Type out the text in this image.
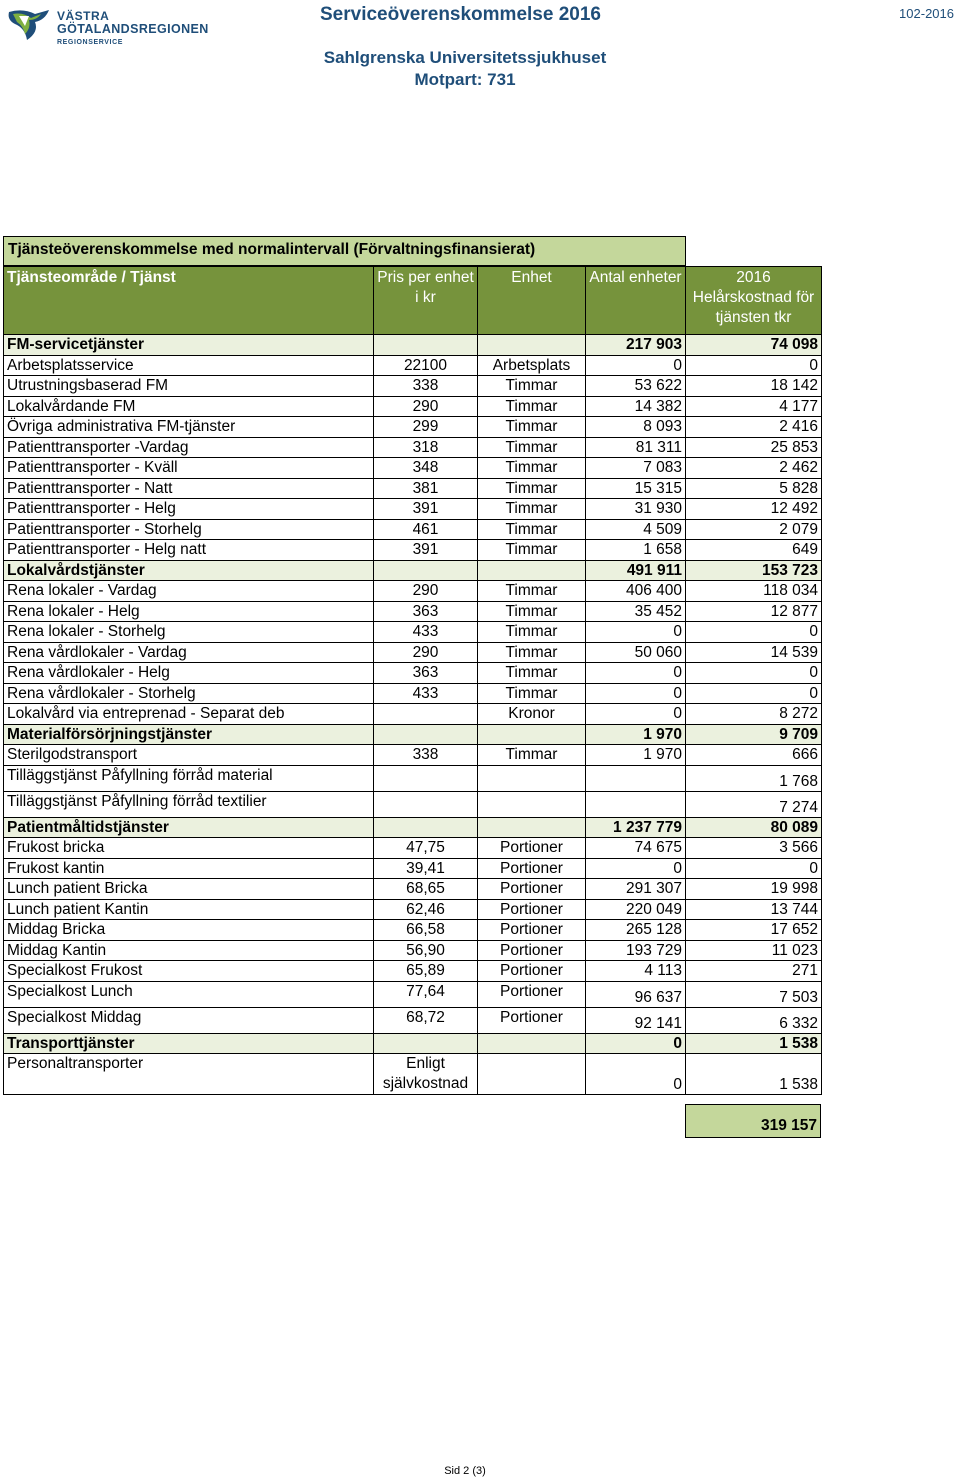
VÄSTRA
GÖTALANDSREGIONEN
REGIONSERVICE
Serviceöverenskommelse 2016	102-2016
Sahlgrenska Universitetssjukhuset
Motpart: 731
Tjänsteöverenskommelse med normalintervall (Förvaltningsfinansierat)
Tjänsteområde / Tjänst	Pris per enhet i kr	Enhet	Antal enheter	2016 Helårskostnad för tjänsten tkr
FM-servicetjänster			217 903	74 098
Arbetsplatsservice	22100	Arbetsplats	0	0
Utrustningsbaserad FM	338	Timmar	53 622	18 142
Lokalvårdande FM	290	Timmar	14 382	4 177
Övriga administrativa FM-tjänster	299	Timmar	8 093	2 416
Patienttransporter -Vardag	318	Timmar	81 311	25 853
Patienttransporter - Kväll	348	Timmar	7 083	2 462
Patienttransporter - Natt	381	Timmar	15 315	5 828
Patienttransporter - Helg	391	Timmar	31 930	12 492
Patienttransporter - Storhelg	461	Timmar	4 509	2 079
Patienttransporter - Helg natt	391	Timmar	1 658	649
Lokalvårdstjänster			491 911	153 723
Rena lokaler - Vardag	290	Timmar	406 400	118 034
Rena lokaler - Helg	363	Timmar	35 452	12 877
Rena lokaler - Storhelg	433	Timmar	0	0
Rena vårdlokaler - Vardag	290	Timmar	50 060	14 539
Rena vårdlokaler - Helg	363	Timmar	0	0
Rena vårdlokaler - Storhelg	433	Timmar	0	0
Lokalvård via entreprenad - Separat deb		Kronor	0	8 272
Materialförsörjningstjänster			1 970	9 709
Sterilgodstransport	338	Timmar	1 970	666
Tilläggstjänst Påfyllning förråd material				1 768
Tilläggstjänst Påfyllning förråd textilier				7 274
Patientmåltidstjänster			1 237 779	80 089
Frukost bricka	47,75	Portioner	74 675	3 566
Frukost kantin	39,41	Portioner	0	0
Lunch patient Bricka	68,65	Portioner	291 307	19 998
Lunch patient Kantin	62,46	Portioner	220 049	13 744
Middag Bricka	66,58	Portioner	265 128	17 652
Middag Kantin	56,90	Portioner	193 729	11 023
Specialkost Frukost	65,89	Portioner	4 113	271
Specialkost Lunch	77,64	Portioner	96 637	7 503
Specialkost Middag	68,72	Portioner	92 141	6 332
Transporttjänster			0	1 538
Personaltransporter	Enligt självkostnad		0	1 538
319 157
Sid 2 (3)
